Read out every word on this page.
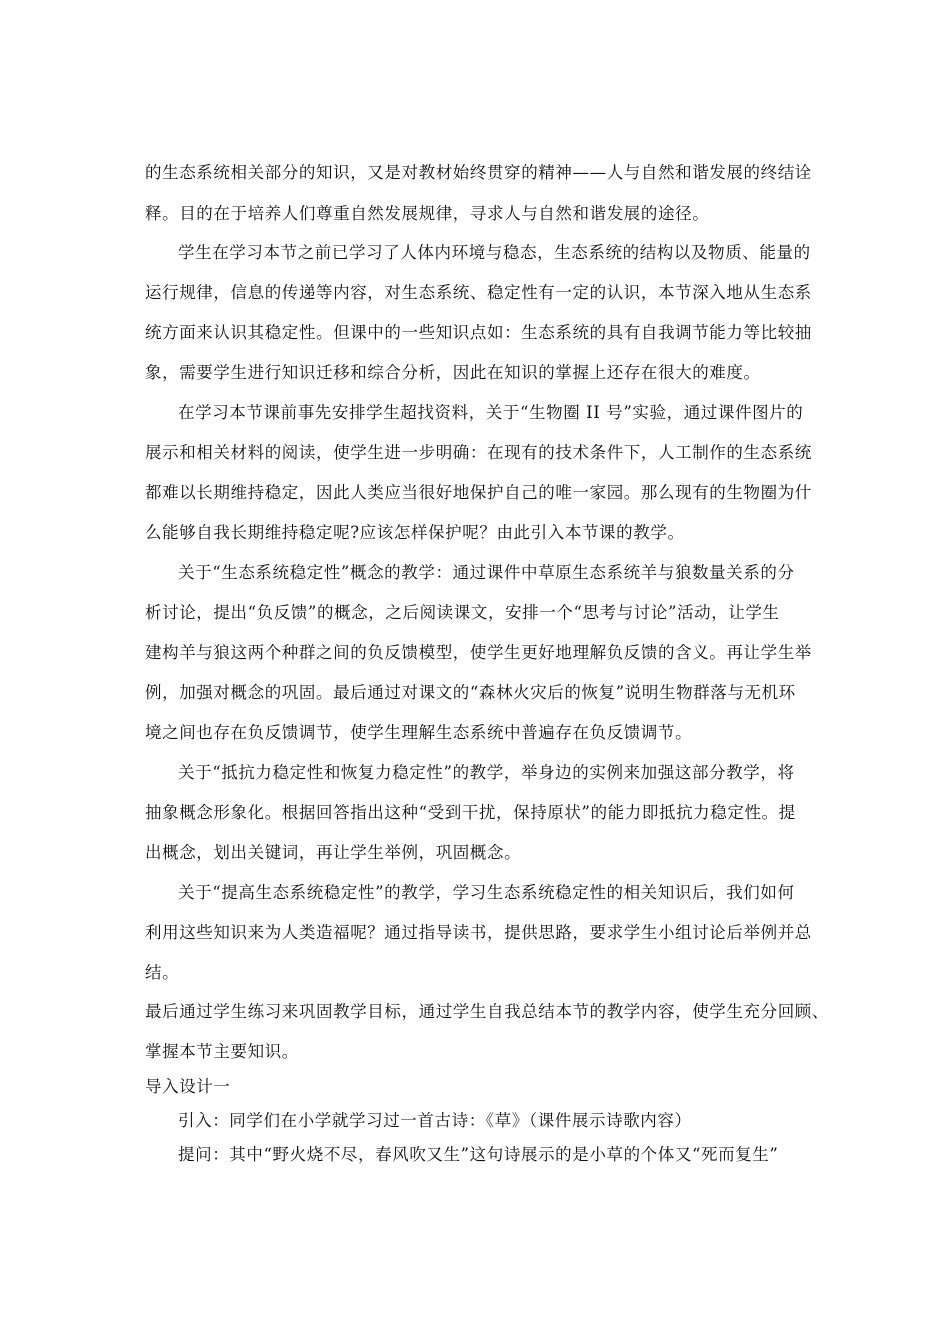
的生态系统相关部分的知识，又是对教材始终贯穿的精神——人与自然和谐发展的终结诠
释。目的在于培养人们尊重自然发展规律，寻求人与自然和谐发展的途径。
学生在学习本节之前已学习了人体内环境与稳态，生态系统的结构以及物质、能量的
运行规律，信息的传递等内容，对生态系统、稳定性有一定的认识，本节深入地从生态系
统方面来认识其稳定性。但课中的一些知识点如：生态系统的具有自我调节能力等比较抽
象，需要学生进行知识迁移和综合分析，因此在知识的掌握上还存在很大的难度。
在学习本节课前事先安排学生超找资料，关于“生物圈 II 号”实验，通过课件图片的
展示和相关材料的阅读，使学生进一步明确：在现有的技术条件下，人工制作的生态系统
都难以长期维持稳定，因此人类应当很好地保护自己的唯一家园。那么现有的生物圈为什
么能够自我长期维持稳定呢?应该怎样保护呢？由此引入本节课的教学。
关于“生态系统稳定性”概念的教学：通过课件中草原生态系统羊与狼数量关系的分
析讨论，提出“负反馈”的概念，之后阅读课文，安排一个“思考与讨论”活动，让学生
建构羊与狼这两个种群之间的负反馈模型，使学生更好地理解负反馈的含义。再让学生举
例，加强对概念的巩固。最后通过对课文的“森林火灾后的恢复”说明生物群落与无机环
境之间也存在负反馈调节，使学生理解生态系统中普遍存在负反馈调节。
关于“抵抗力稳定性和恢复力稳定性”的教学，举身边的实例来加强这部分教学，将
抽象概念形象化。根据回答指出这种“受到干扰，保持原状”的能力即抵抗力稳定性。提
出概念，划出关键词，再让学生举例，巩固概念。
关于“提高生态系统稳定性”的教学，学习生态系统稳定性的相关知识后，我们如何
利用这些知识来为人类造福呢？通过指导读书，提供思路，要求学生小组讨论后举例并总
结。
最后通过学生练习来巩固教学目标，通过学生自我总结本节的教学内容，使学生充分回顾、
掌握本节主要知识。
导入设计一
引入：同学们在小学就学习过一首古诗：《草》（课件展示诗歌内容）
提问：其中“野火烧不尽，春风吹又生”这句诗展示的是小草的个体又“死而复生”
